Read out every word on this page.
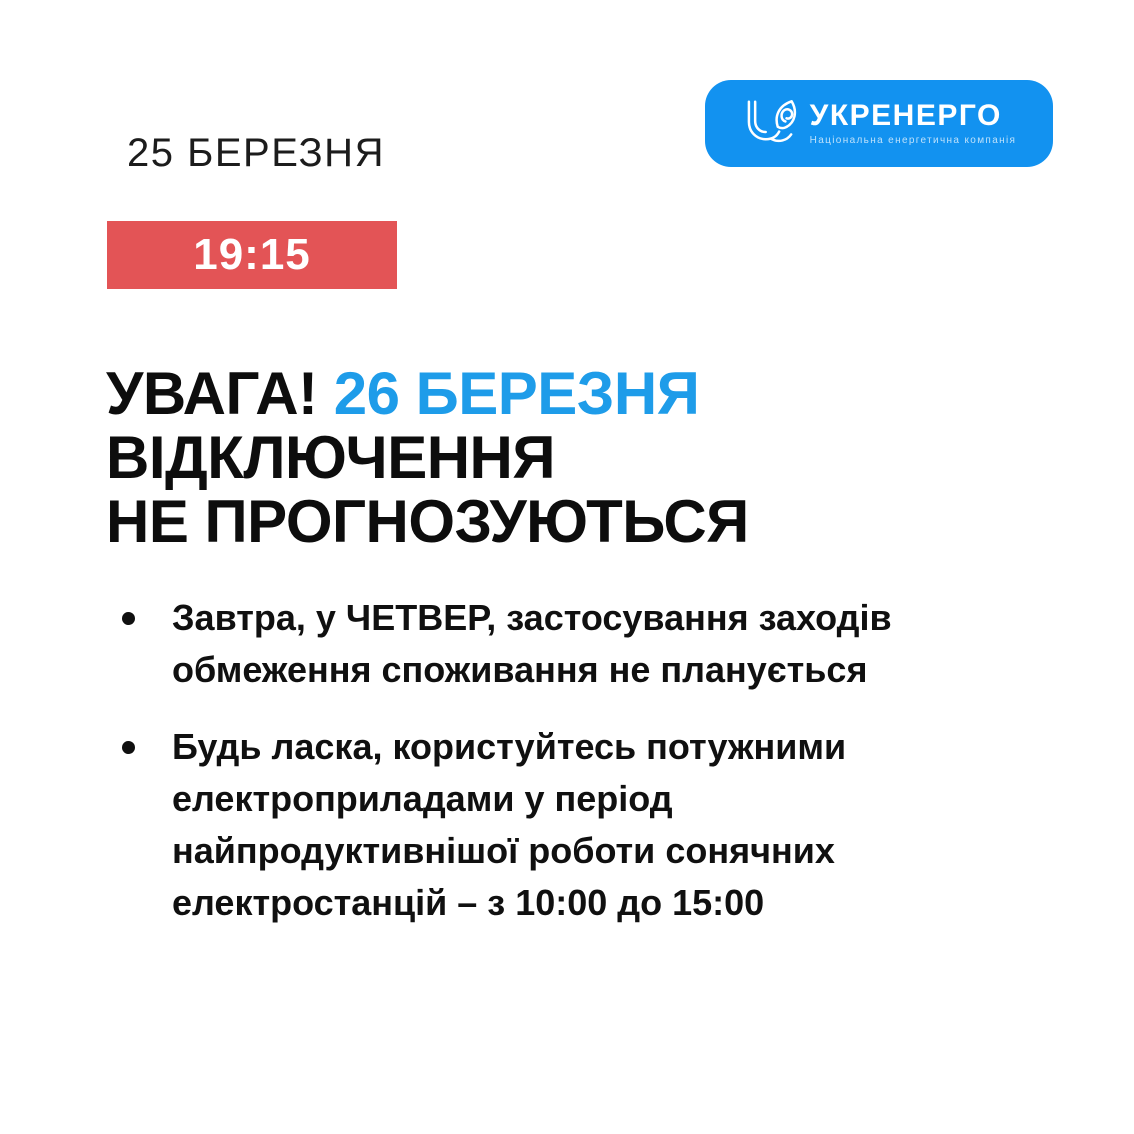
25 БЕРЕЗНЯ
УКРЕНЕРГО
Національна енергетична компанія
19:15
УВАГА! 26 БЕРЕЗНЯ
ВІДКЛЮЧЕННЯ
НЕ ПРОГНОЗУЮТЬСЯ
Завтра, у ЧЕТВЕР, застосування заходів обмеження споживання не планується
Будь ласка, користуйтесь потужними електроприладами у період найпродуктивнішої роботи сонячних електростанцій – з 10:00 до 15:00
